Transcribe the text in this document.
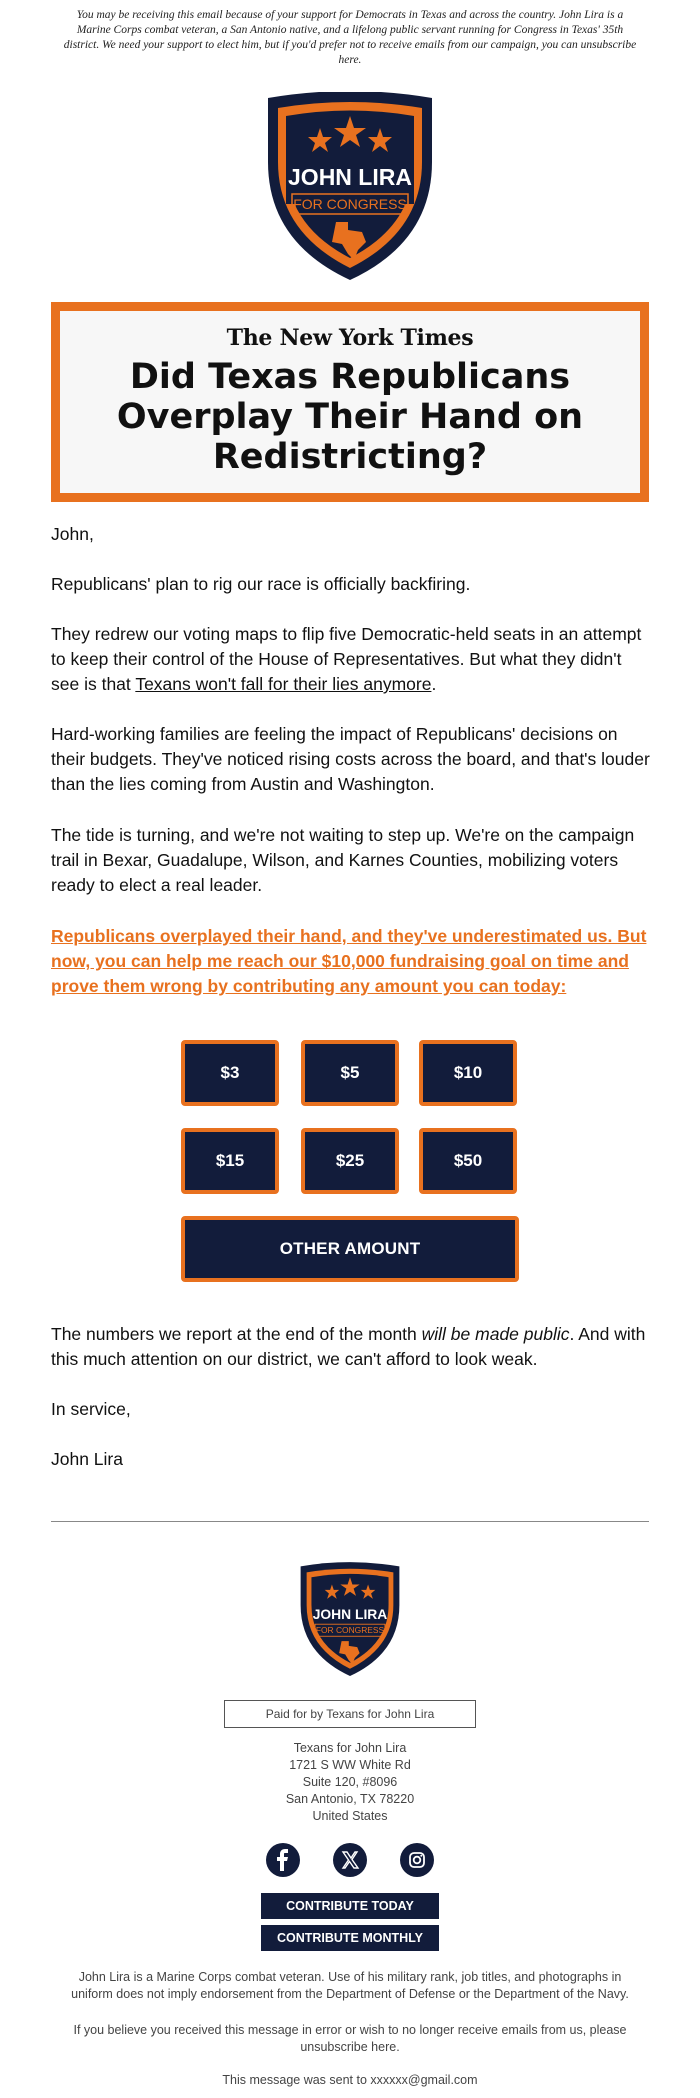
You may be receiving this email because of your support for Democrats in Texas and across the country. John Lira is a Marine Corps combat veteran, a San Antonio native, and a lifelong public servant running for Congress in Texas' 35th district. We need your support to elect him, but if you'd prefer not to receive emails from our campaign, you can unsubscribe here.

JOHN LIRA
FOR CONGRESS
The New York Times
Did Texas Republicans Overplay Their Hand on Redistricting?

John,

Republicans' plan to rig our race is officially backfiring.

They redrew our voting maps to flip five Democratic-held seats in an attempt to keep their control of the House of Representatives. But what they didn't see is that Texans won't fall for their lies anymore.

Hard-working families are feeling the impact of Republicans' decisions on their budgets. They've noticed rising costs across the board, and that's louder than the lies coming from Austin and Washington.

The tide is turning, and we're not waiting to step up. We're on the campaign trail in Bexar, Guadalupe, Wilson, and Karnes Counties, mobilizing voters ready to elect a real leader.

Republicans overplayed their hand, and they've underestimated us. But now, you can help me reach our $10,000 fundraising goal on time and prove them wrong by contributing any amount you can today:

$3	$5	$10
$15	$25	$50
OTHER AMOUNT

The numbers we report at the end of the month will be made public. And with this much attention on our district, we can't afford to look weak.

In service,

John Lira

JOHN LIRA
FOR CONGRESS
Paid for by Texans for John Lira
Texans for John Lira
1721 S WW White Rd
Suite 120, #8096
San Antonio, TX 78220
United States
CONTRIBUTE TODAY
CONTRIBUTE MONTHLY

John Lira is a Marine Corps combat veteran. Use of his military rank, job titles, and photographs in uniform does not imply endorsement from the Department of Defense or the Department of the Navy.

If you believe you received this message in error or wish to no longer receive emails from us, please unsubscribe here.

This message was sent to xxxxxx@gmail.com
